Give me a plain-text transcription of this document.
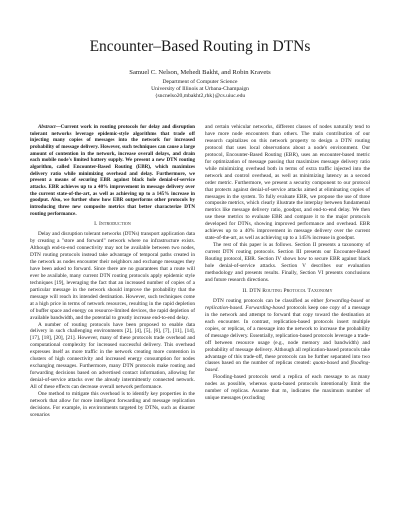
Encounter–Based Routing in DTNs
Samuel C. Nelson, Mehedi Bakht, and Robin Kravets
Department of Computer Science
University of Illinois at Urbana-Champaign
{sncnelso20,mbakht2,rhk}@cs.uiuc.edu

Abstract—Current work in routing protocols for delay and disruption tolerant networks leverage epidemic-style algorithms that trade off injecting many copies of messages into the network for increased probability of message delivery. However, such techniques can cause a large amount of contention in the network, increase overall delays, and drain each mobile node's limited battery supply. We present a new DTN routing algorithm, called Encounter-Based Routing (EBR), which maximizes delivery ratio while minimizing overhead and delay. Furthermore, we present a means of securing EBR against black hole denial-of-service attacks. EBR achieves up to a 40% improvement in message delivery over the current state-of-the-art, as well as achieving up to a 145% increase in goodput. Also, we further show how EBR outperforms other protocols by introducing three new composite metrics that better characterize DTN routing performance.

I. Introduction

Delay and disruption tolerant networks (DTNs) transport application data by creating a "store and forward" network where no infrastructure exists. Although end-to-end connectivity may not be available between two nodes, DTN routing protocols instead take advantage of temporal paths created in the network as nodes encounter their neighbors and exchange messages they have been asked to forward. Since there are no guarantees that a route will ever be available, many current DTN routing protocols apply epidemic style techniques [19], leveraging the fact that an increased number of copies of a particular message in the network should improve the probability that the message will reach its intended destination. However, such techniques come at a high price in terms of network resources, resulting in the rapid depletion of buffer space and energy on resource-limited devices, the rapid depletion of available bandwidth, and the potential to greatly increase end-to-end delay.

A number of routing protocols have been proposed to enable data delivery in such challenging environments [2], [4], [5], [6], [7], [11], [14], [17], [18], [20], [21]. However, many of these protocols trade overhead and computational complexity for increased successful delivery. This overhead expresses itself as more traffic in the network creating more contention in clusters of high connectivity and increased energy consumption for nodes exchanging messages. Furthermore, many DTN protocols make routing and forwarding decisions based on advertised contact information, allowing for denial-of-service attacks over the already intermittently connected network. All of these effects can decrease overall network performance.

One method to mitigate this overhead is to identify key properties in the network that allow for more intelligent forwarding and message replication decisions. For example, in environments targeted by DTNs, such as disaster scenarios

and certain vehicular networks, different classes of nodes naturally tend to have more node encounters than others. The main contribution of our research capitalizes on this network property to design a DTN routing protocol that uses local observations about a node's environment. Our protocol, Encounter-Based Routing (EBR), uses an encounter-based metric for optimization of message passing that maximizes message delivery ratio while minimizing overhead both in terms of extra traffic injected into the network and control overhead, as well as minimizing latency as a second order metric. Furthermore, we present a security component to our protocol that protects against denial-of-service attacks aimed at eliminating copies of messages in the system. To fully evaluate EBR, we propose the use of three composite metrics, which clearly illustrate the interplay between fundamental metrics like message delivery ratio, goodput, and end-to-end delay. We then use these metrics to evaluate EBR and compare it to the major protocols developed for DTNs, showing improved performance and overhead. EBR achieves up to a 40% improvement in message delivery over the current state-of-the-art, as well as achieving up to a 145% increase in goodput.

The rest of this paper is as follows. Section II presents a taxonomy of current DTN routing protocols. Section III presents our Encounter-Based Routing protocol, EBR. Section IV shows how to secure EBR against black hole denial-of-service attacks. Section V describes our evaluation methodology and presents results. Finally, Section VI presents conclusions and future research directions.

II. DTN Routing Protocol Taxonomy

DTN routing protocols can be classified as either forwarding-based or replication-based. Forwarding-based protocols keep one copy of a message in the network and attempt to forward that copy toward the destination at each encounter. In contrast, replication-based protocols insert multiple copies, or replicas, of a message into the network to increase the probability of message delivery. Essentially, replication-based protocols leverage a trade-off between resource usage (e.g., node memory and bandwidth) and probability of message delivery. Although all replication-based protocols take advantage of this trade-off, these protocols can be further separated into two classes based on the number of replicas created: quota-based and flooding-based.

Flooding-based protocols send a replica of each message to as many nodes as possible, whereas quota-based protocols intentionally limit the number of replicas. Assume that m₁ indicates the maximum number of unique messages (excluding
